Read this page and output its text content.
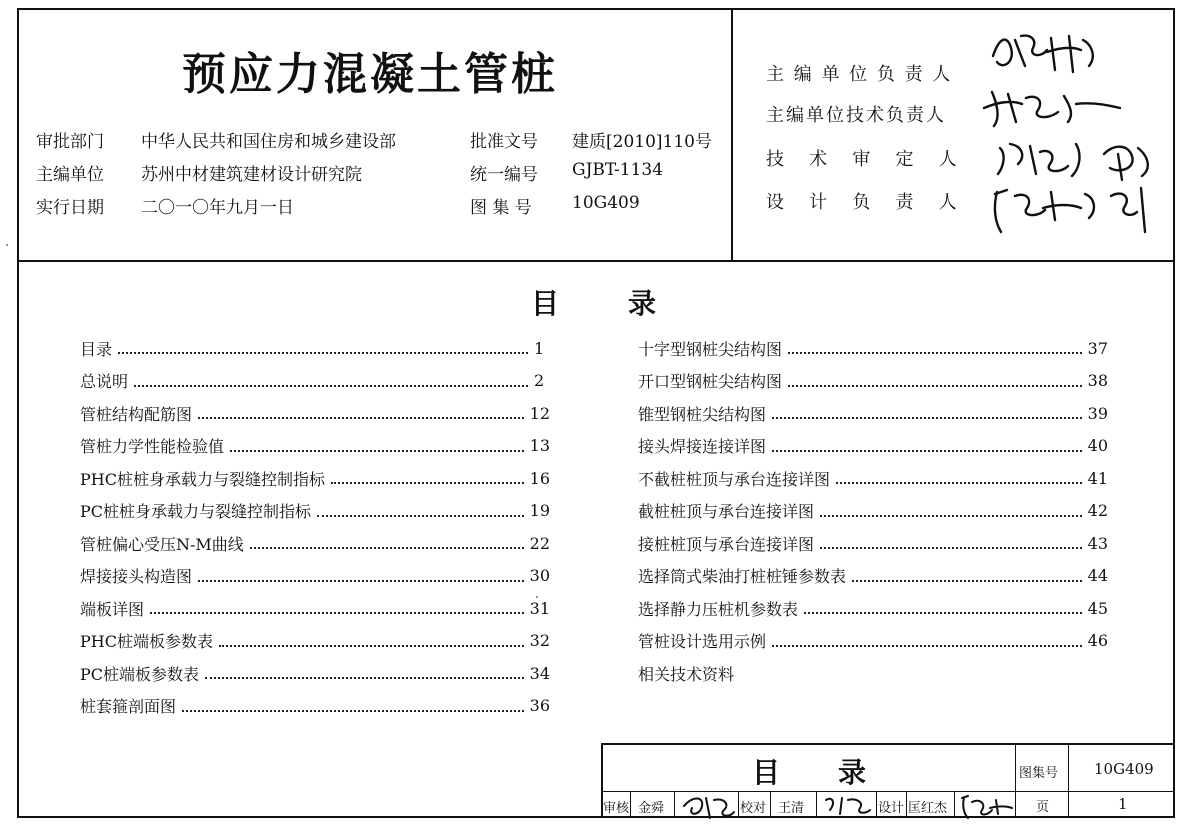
预应力混凝土管桩
审批部门 中华人民共和国住房和城乡建设部	批准文号 建质[2010]110号
主编单位 苏州中材建筑建材设计研究院	统一编号 GJBT-1134
实行日期 二〇一〇年九月一日	图 集 号 10G409
主 编 单 位 负 责 人
主编单位技术负责人
技   术   审   定   人
设   计   负   责   人
目 录
目录	1
总说明	2
管桩结构配筋图	12
管桩力学性能检验值	13
PHC桩桩身承载力与裂缝控制指标	16
PC桩桩身承载力与裂缝控制指标	19
管桩偏心受压N-M曲线	22
焊接接头构造图	30
端板详图	31
PHC桩端板参数表	32
PC桩端板参数表	34
桩套箍剖面图	36
十字型钢桩尖结构图	37
开口型钢桩尖结构图	38
锥型钢桩尖结构图	39
接头焊接连接详图	40
不截桩桩顶与承台连接详图	41
截桩桩顶与承台连接详图	42
接桩桩顶与承台连接详图	43
选择筒式柴油打桩桩锤参数表	44
选择静力压桩机参数表	45
管桩设计选用示例	46
相关技术资料
目 录	图集号 10G409
页	1
审核 金舜	校对 王清	设计 匡红杰
